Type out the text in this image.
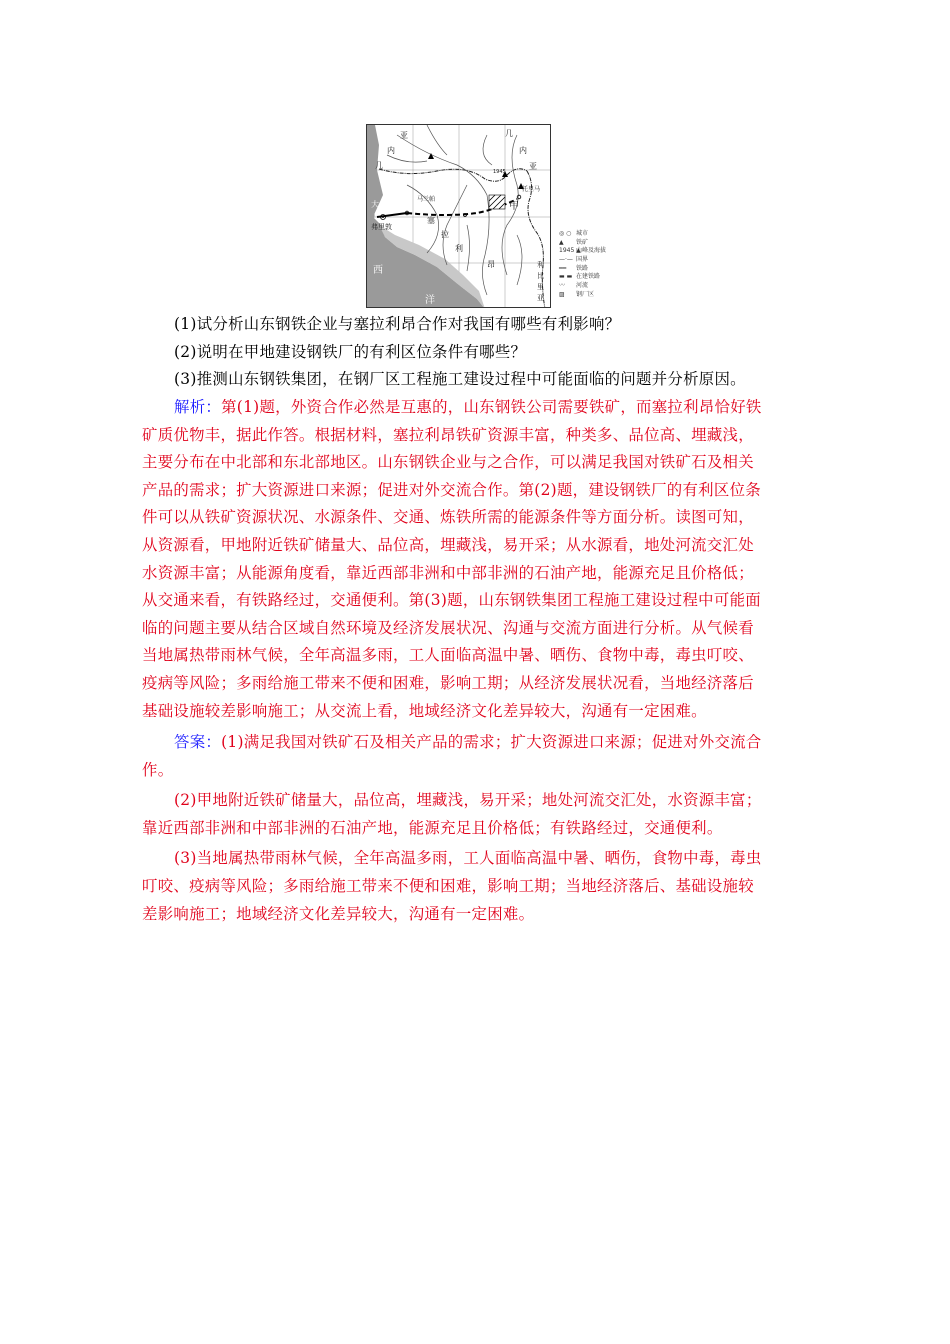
几
内
亚
亚
内
几
大
弗里敦
马兰帕
西
洋
塞
拉
利
昂
甲
1945
托里马
利
比
里
亚
◎ ○ 城市
▲	铁矿
1945 ▲
山峰及海拔
—·— 国界
━━	铁路
▬ ▬ 在建铁路
〰	河流
▨	钢厂区

(1)试分析山东钢铁企业与塞拉利昂合作对我国有哪些有利影响？

(2)说明在甲地建设钢铁厂的有利区位条件有哪些？

(3)推测山东钢铁集团，在钢厂区工程施工建设过程中可能面临的问题并分析原因。

解析：第(1)题，外资合作必然是互惠的，山东钢铁公司需要铁矿，而塞拉利昂恰好铁
矿质优物丰，据此作答。根据材料，塞拉利昂铁矿资源丰富，种类多、品位高、埋藏浅，
主要分布在中北部和东北部地区。山东钢铁企业与之合作，可以满足我国对铁矿石及相关
产品的需求；扩大资源进口来源；促进对外交流合作。第(2)题，建设钢铁厂的有利区位条
件可以从铁矿资源状况、水源条件、交通、炼铁所需的能源条件等方面分析。读图可知，
从资源看，甲地附近铁矿储量大、品位高，埋藏浅，易开采；从水源看，地处河流交汇处
水资源丰富；从能源角度看，靠近西部非洲和中部非洲的石油产地，能源充足且价格低；
从交通来看，有铁路经过，交通便利。第(3)题，山东钢铁集团工程施工建设过程中可能面
临的问题主要从结合区域自然环境及经济发展状况、沟通与交流方面进行分析。从气候看
当地属热带雨林气候，全年高温多雨，工人面临高温中暑、晒伤、食物中毒，毒虫叮咬、
疫病等风险；多雨给施工带来不便和困难，影响工期；从经济发展状况看，当地经济落后
基础设施较差影响施工；从交流上看，地域经济文化差异较大，沟通有一定困难。
答案：(1)满足我国对铁矿石及相关产品的需求；扩大资源进口来源；促进对外交流合
作。
(2)甲地附近铁矿储量大，品位高，埋藏浅，易开采；地处河流交汇处，水资源丰富；
靠近西部非洲和中部非洲的石油产地，能源充足且价格低；有铁路经过，交通便利。
(3)当地属热带雨林气候，全年高温多雨，工人面临高温中暑、晒伤，食物中毒，毒虫
叮咬、疫病等风险；多雨给施工带来不便和困难，影响工期；当地经济落后、基础设施较
差影响施工；地域经济文化差异较大，沟通有一定困难。
